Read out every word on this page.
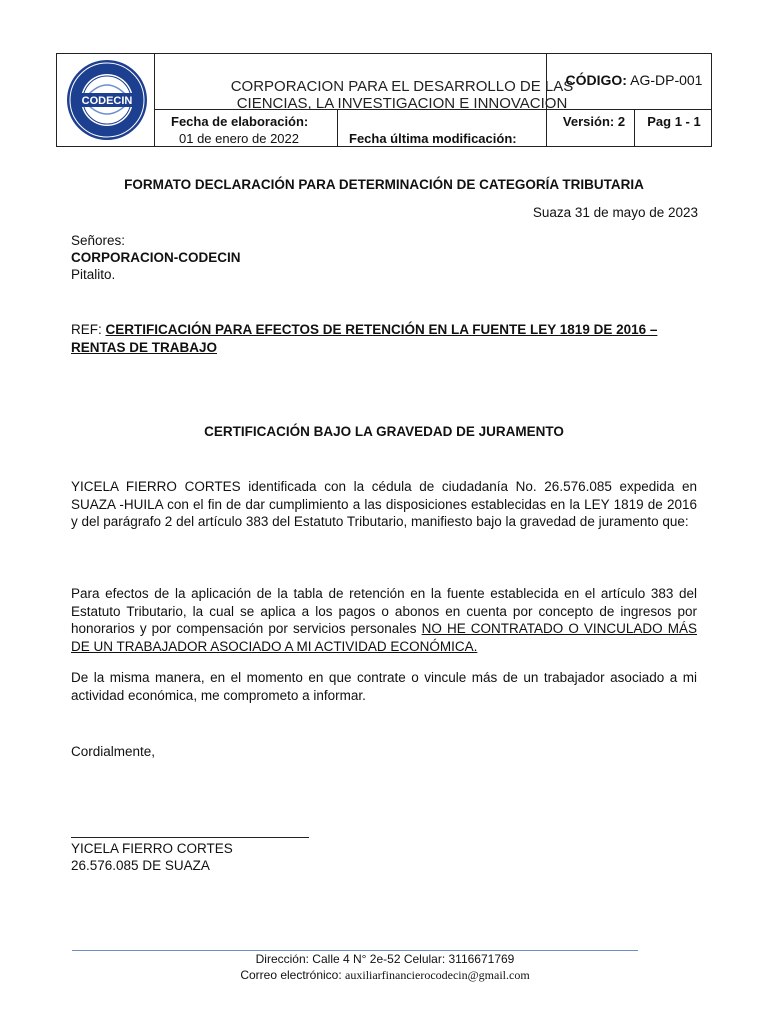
CODECIN
CORPORACION PARA EL DESARROLLO DE LAS
CIENCIAS, LA INVESTIGACION E INNOVACION
CÓDIGO: AG-DP-001
Fecha de elaboración:
01 de enero de 2022	Fecha última modificación:
Versión: 2	Pag 1 - 1
FORMATO DECLARACIÓN PARA DETERMINACIÓN DE CATEGORÍA TRIBUTARIA
Suaza 31 de mayo de 2023
Señores:
CORPORACION-CODECIN
Pitalito.
REF: CERTIFICACIÓN PARA EFECTOS DE RETENCIÓN EN LA FUENTE LEY 1819 DE 2016 – RENTAS DE TRABAJO
CERTIFICACIÓN BAJO LA GRAVEDAD DE JURAMENTO
YICELA FIERRO CORTES identificada con la cédula de ciudadanía No. 26.576.085 expedida en SUAZA -HUILA con el fin de dar cumplimiento a las disposiciones establecidas en la LEY 1819 de 2016 y del parágrafo 2 del artículo 383 del Estatuto Tributario, manifiesto bajo la gravedad de juramento que:
Para efectos de la aplicación de la tabla de retención en la fuente establecida en el artículo 383 del Estatuto Tributario, la cual se aplica a los pagos o abonos en cuenta por concepto de ingresos por honorarios y por compensación por servicios personales NO HE CONTRATADO O VINCULADO MÁS DE UN TRABAJADOR ASOCIADO A MI ACTIVIDAD ECONÓMICA.
De la misma manera, en el momento en que contrate o vincule más de un trabajador asociado a mi actividad económica, me comprometo a informar.
Cordialmente,
YICELA FIERRO CORTES
26.576.085 DE SUAZA
Dirección: Calle 4 N° 2e-52 Celular: 3116671769
Correo electrónico: auxiliarfinancierocodecin@gmail.com
